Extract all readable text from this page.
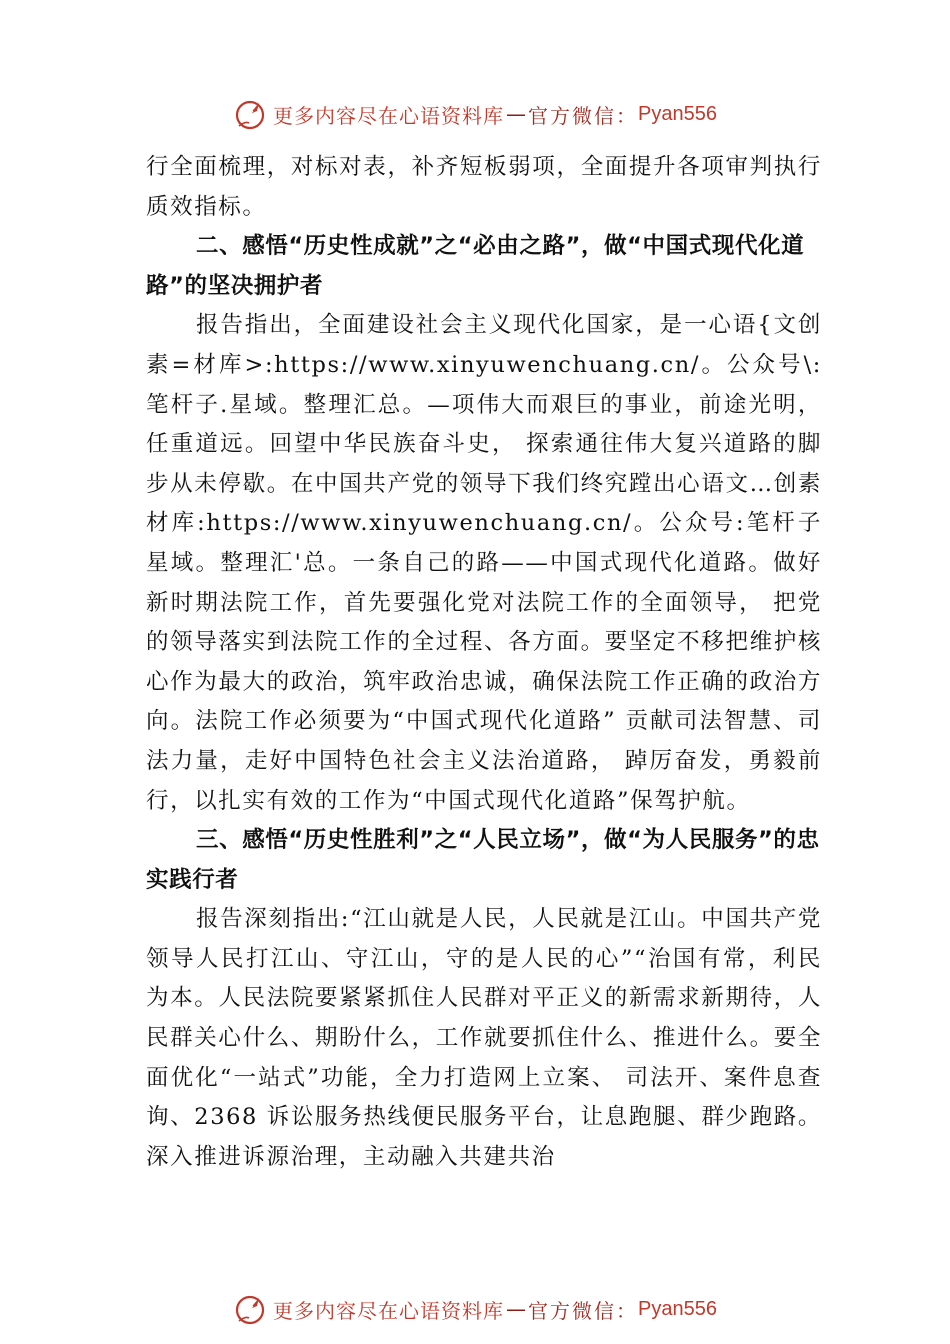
更多内容尽在心语资料库 — 官方微信： Pyan556

行全面梳理，对标对表，补齐短板弱项，全面提升各项审判执行质效指标。

二、感悟“历史性成就”之“必由之路”，做“中国式现代化道路”的坚决拥护者

报告指出，全面建设社会主义现代化国家，是一心语{文创素=材库>:https://www.xinyuwenchuang.cn/。公众号\:笔杆子.星域。整理汇总。—项伟大而艰巨的事业，前途光明，任重道远。回望中华民族奋斗史， 探索通往伟大复兴道路的脚步从未停歇。在中国共产党的领导下我们终究蹚出心语文…创素材库:https://www.xinyuwenchuang.cn/。公众号:笔杆子星域。整理汇'总。一条自己的路——中国式现代化道路。做好新时期法院工作，首先要强化党对法院工作的全面领导， 把党的领导落实到法院工作的全过程、各方面。要坚定不移把维护核心作为最大的政治，筑牢政治忠诚，确保法院工作正确的政治方向。法院工作必须要为“中国式现代化道路” 贡献司法智慧、司法力量，走好中国特色社会主义法治道路， 踔厉奋发，勇毅前行，以扎实有效的工作为“中国式现代化道路”保驾护航。

三、感悟“历史性胜利”之“人民立场”，做“为人民服务”的忠实践行者

报告深刻指出:“江山就是人民，人民就是江山。中国共产党领导人民打江山、守江山，守的是人民的心”“治国有常，利民为本。人民法院要紧紧抓住人民群对平正义的新需求新期待，人民群关心什么、期盼什么，工作就要抓住什么、推进什么。要全面优化“一站式”功能，全力打造网上立案、 司法开、案件息查询、2368 诉讼服务热线便民服务平台，让息跑腿、群少跑路。深入推进诉源治理，主动融入共建共治

更多内容尽在心语资料库 — 官方微信： Pyan556
